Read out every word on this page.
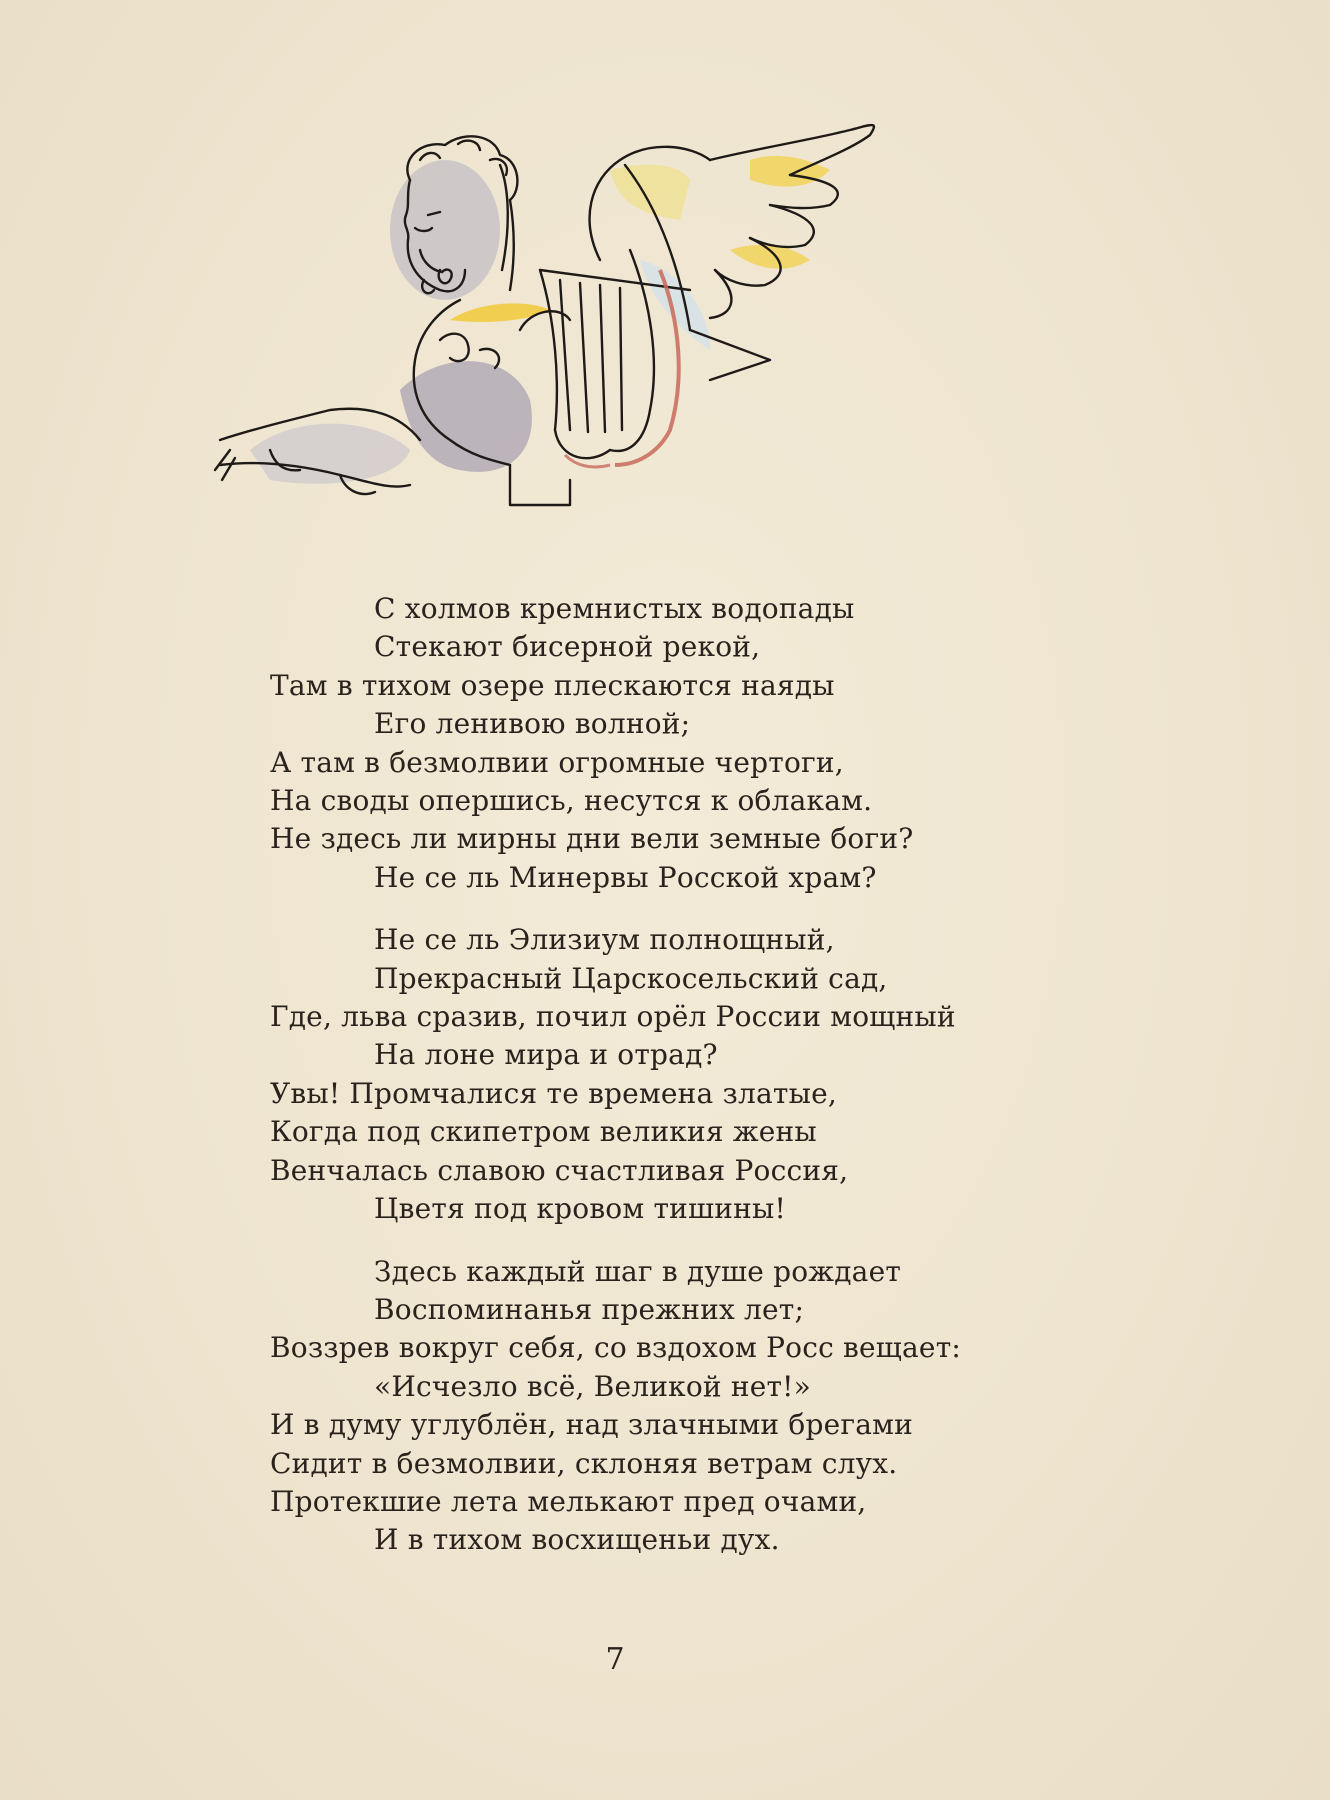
С холмов кремнистых водопады
Стекают бисерной рекой,
Там в тихом озере плескаются наяды
Его ленивою волной;
А там в безмолвии огромные чертоги,
На своды опершись, несутся к облакам.
Не здесь ли мирны дни вели земные боги?
Не се ль Минервы Росской храм?
Не се ль Элизиум полнощный,
Прекрасный Царскосельский сад,
Где, льва сразив, почил орёл России мощный
На лоне мира и отрад?
Увы! Промчалися те времена златые,
Когда под скипетром великия жены
Венчалась славою счастливая Россия,
Цветя под кровом тишины!
Здесь каждый шаг в душе рождает
Воспоминанья прежних лет;
Воззрев вокруг себя, со вздохом Росс вещает:
«Исчезло всё, Великой нет!»
И в думу углублён, над злачными брегами
Сидит в безмолвии, склоняя ветрам слух.
Протекшие лета мелькают пред очами,
И в тихом восхищеньи дух.
7
